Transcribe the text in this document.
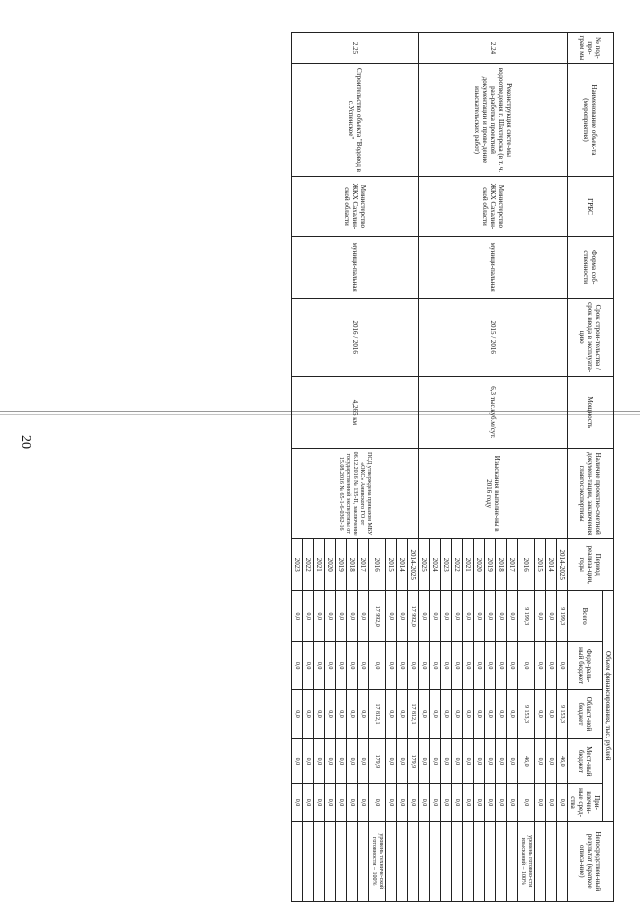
20
№ под-про-грам мы	Наименование объек-та (мероприятия)	ГРБС	Форма соб-ственности	Срок строи-тельства / срок ввода в эксплуата-цию	Мощность	Наличие проектно-сметной докумен-тации, заключения главгосэкспертизы	Период реализа-ции, годы	Объем финансирования, тыс. рублей					Непосредствен-ный результат (краткое описа-ние)
								Всего	Феде-раль-ный бюджет	Област-ной бюджет	Мест-ный бюджет	При-влечен-ные сред-ства	
2.24	Реконструкция систе-мы водоотведения г. Шахтерска (в т. ч. раз-работка проектной документации и прове-дение изыскательских работ)	Министерство ЖКХ Сахалин-ской области	муници-пальная	2015 / 2016	6,3 тыс.куб.м/сут.	Изыскания выполне-ны в 2016 году	2014-2025	9 199,3	0,0	9 153,3	46,0	0,0	
							2014	0,0	0,0	0,0	0,0	0,0	
							2015	0,0	0,0	0,0	0,0	0,0	
							2016	9 199,3	0,0	9 153,3	46,0	0,0	уровень готовно-сти изысканий – 100%
							2017	0,0	0,0	0,0	0,0	0,0	
							2018	0,0	0,0	0,0	0,0	0,0	
							2019	0,0	0,0	0,0	0,0	0,0	
							2020	0,0	0,0	0,0	0,0	0,0	
							2021	0,0	0,0	0,0	0,0	0,0	
							2022	0,0	0,0	0,0	0,0	0,0	
							2023	0,0	0,0	0,0	0,0	0,0	
							2024	0,0	0,0	0,0	0,0	0,0	
							2025	0,0	0,0	0,0	0,0	0,0	
2.25	Строительство объекта "Водовод в с.Успенское"	Министерство ЖКХ Сахалин-ской области	муници-пальная	2016 / 2016	4,265 км	ПСД утверждена приказом МБУ «ОКС» Анивского ГО от 06.12.2016 № 135-П, заключение государственной экспертизы от 15.08.2016 № 65-1-6-0362-16	2014-2025	17 992,0	0,0	17 812,1	179,9	0,0	
							2014	0,0	0,0	0,0	0,0	0,0	
							2015	0,0	0,0	0,0	0,0	0,0	
							2016	17 992,0	0,0	17 812,1	179,9	0,0	уровень техниче-ской готовности – 100%
							2017	0,0	0,0	0,0	0,0	0,0	
							2018	0,0	0,0	0,0	0,0	0,0	
							2019	0,0	0,0	0,0	0,0	0,0	
							2020	0,0	0,0	0,0	0,0	0,0	
							2021	0,0	0,0	0,0	0,0	0,0	
							2022	0,0	0,0	0,0	0,0	0,0	
							2023	0,0	0,0	0,0	0,0	0,0	
